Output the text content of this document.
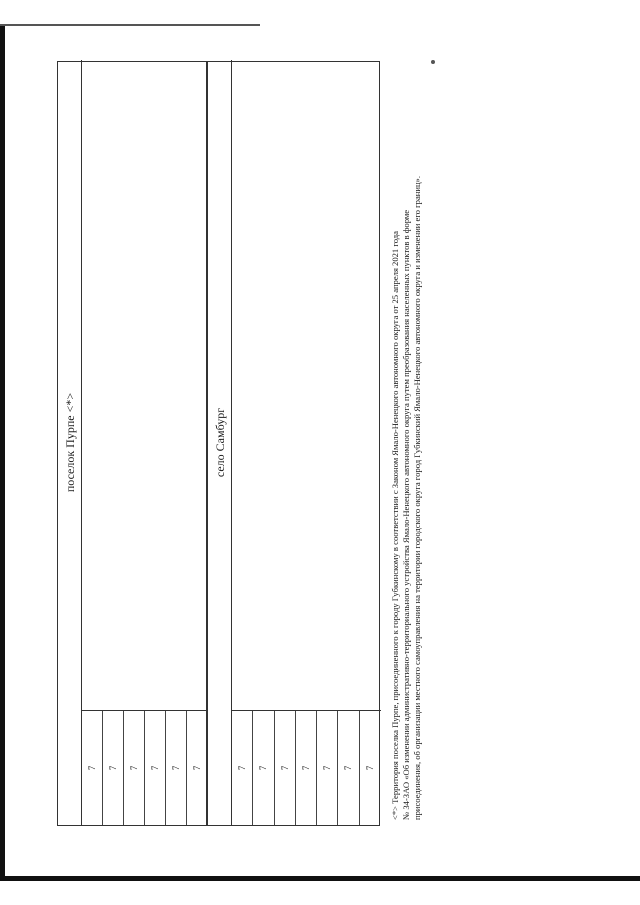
поселок Пурпе <*>
7	7	7	7	7	7
село Самбург
7	7	7	7	7	7	7	<*> Территория поселка Пурпе, присоединенного к городу Губкинскому в соответствии с Законом Ямало-Ненецкого автономного округа от 25 апреля 2021 года № 34-ЗАО «Об изменении административно-территориального устройства Ямало-Ненецкого автономного округа путем преобразования населенных пунктов в форме присоединения, об организации местного самоуправления на территории городского округа город Губкинский Ямало-Ненецкого автономного округа и изменении его границ».
